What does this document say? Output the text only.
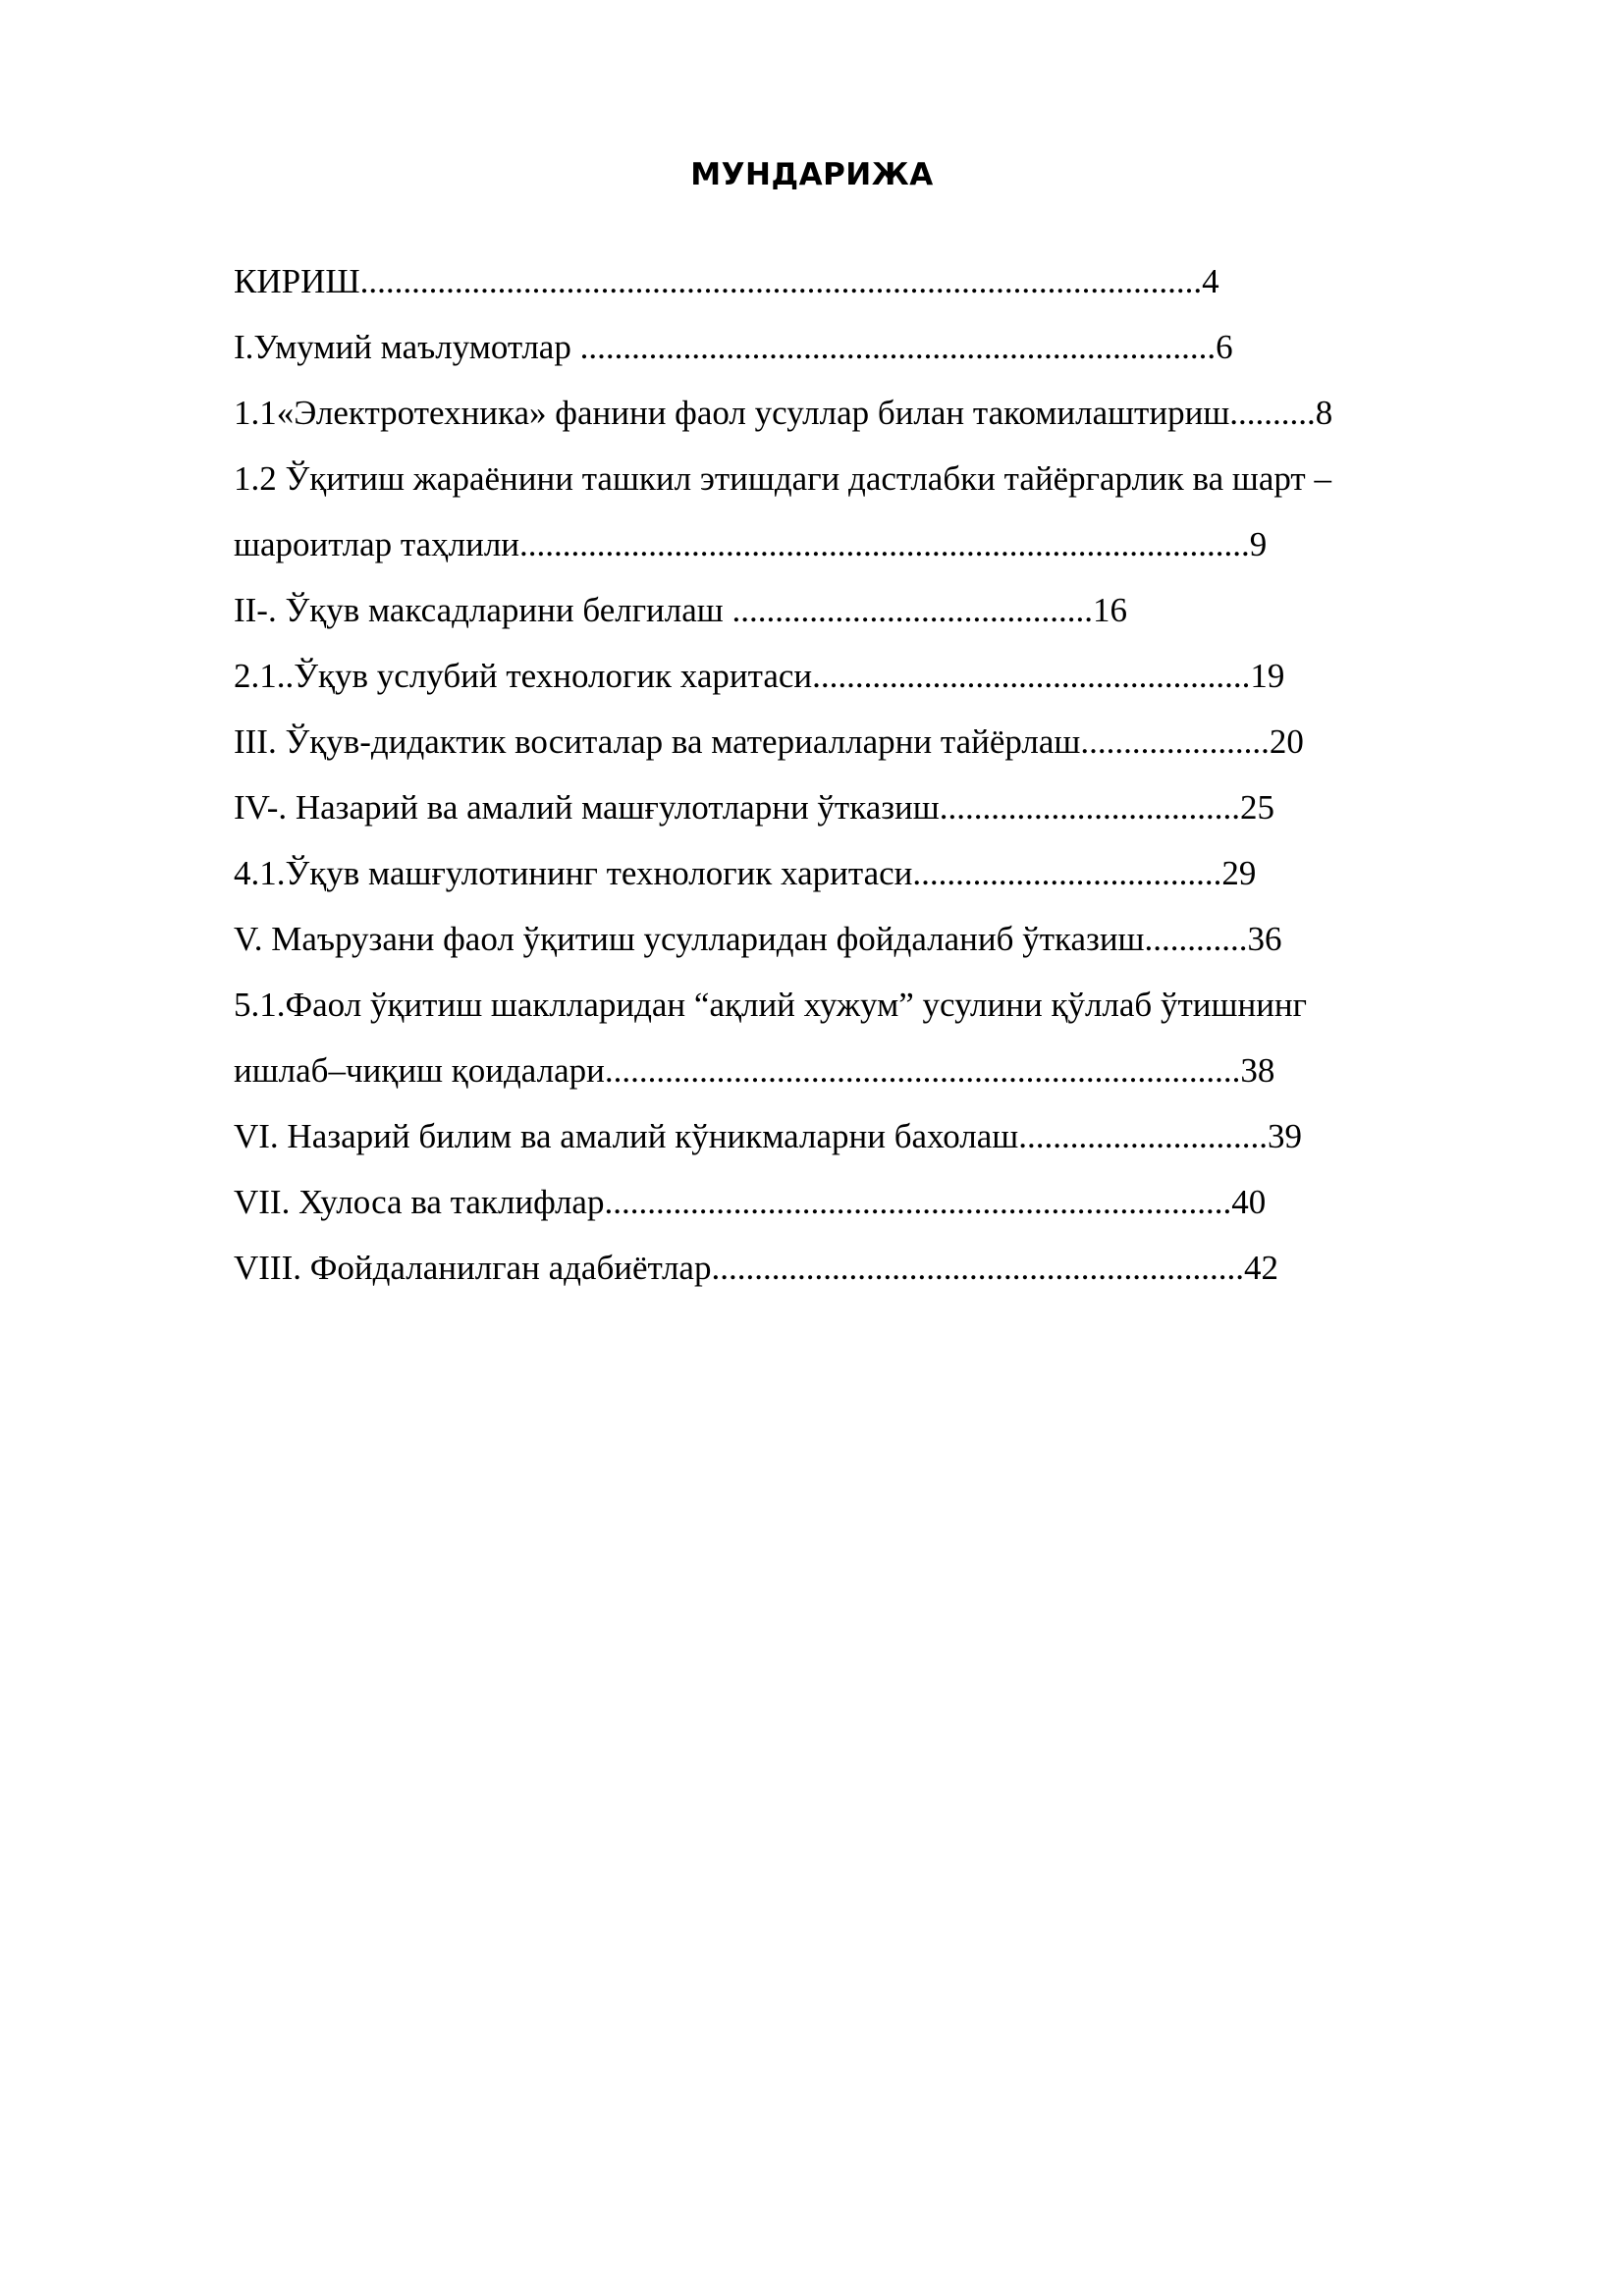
МУНДАРИЖА
КИРИШ..................................................................................................4
I.Умумий маълумотлар ..........................................................................6
1.1«Электротехника» фанини фаол усуллар билан такомилаштириш..........8
1.2 Ўқитиш жараёнини ташкил этишдаги дастлабки тайёргарлик ва шарт –
шароитлар таҳлили.....................................................................................9
II-. Ўқув максадларини белгилаш ..........................................16
2.1..Ўқув услубий технологик харитаси...................................................19
III. Ўқув-дидактик воситалар ва материалларни тайёрлаш......................20
IV-. Назарий ва амалий машғулотларни ўтказиш...................................25
4.1.Ўқув машғулотининг технологик харитаси....................................29
V. Маърузани фаол ўқитиш усулларидан фойдаланиб ўтказиш............36
5.1.Фаол ўқитиш шаклларидан “ақлий хужум” усулини қўллаб ўтишнинг
ишлаб–чиқиш қоидалари..........................................................................38
VI. Назарий билим ва амалий кўникмаларни бахолаш.............................39
VII. Хулоса ва таклифлар.........................................................................40
VIII. Фойдаланилган адабиётлар..............................................................42
